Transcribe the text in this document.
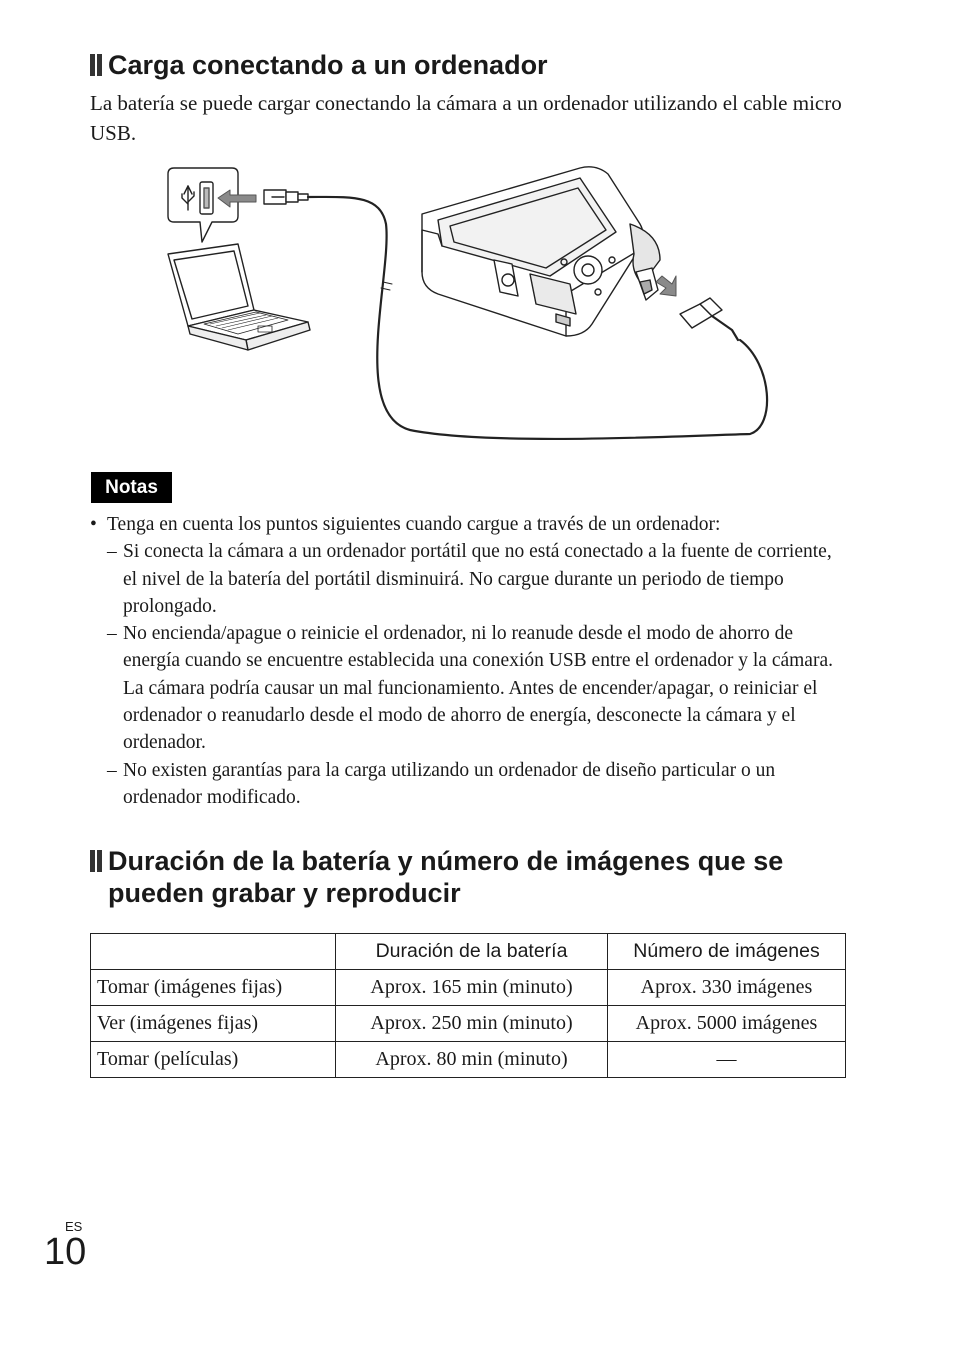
Carga conectando a un ordenador
La batería se puede cargar conectando la cámara a un ordenador utilizando el cable micro USB.
Notas
• Tenga en cuenta los puntos siguientes cuando cargue a través de un ordenador:
– Si conecta la cámara a un ordenador portátil que no está conectado a la fuente de corriente, el nivel de la batería del portátil disminuirá. No cargue durante un periodo de tiempo prolongado.
– No encienda/apague o reinicie el ordenador, ni lo reanude desde el modo de ahorro de energía cuando se encuentre establecida una conexión USB entre el ordenador y la cámara. La cámara podría causar un mal funcionamiento. Antes de encender/apagar, o reiniciar el ordenador o reanudarlo desde el modo de ahorro de energía, desconecte la cámara y el ordenador.
– No existen garantías para la carga utilizando un ordenador de diseño particular o un ordenador modificado.
Duración de la batería y número de imágenes que se pueden grabar y reproducir
	Duración de la batería	Número de imágenes
Tomar (imágenes fijas)	Aprox. 165 min (minuto)	Aprox. 330 imágenes
Ver (imágenes fijas)	Aprox. 250 min (minuto)	Aprox. 5000 imágenes
Tomar (películas)	Aprox. 80 min (minuto)	—
ES
10
